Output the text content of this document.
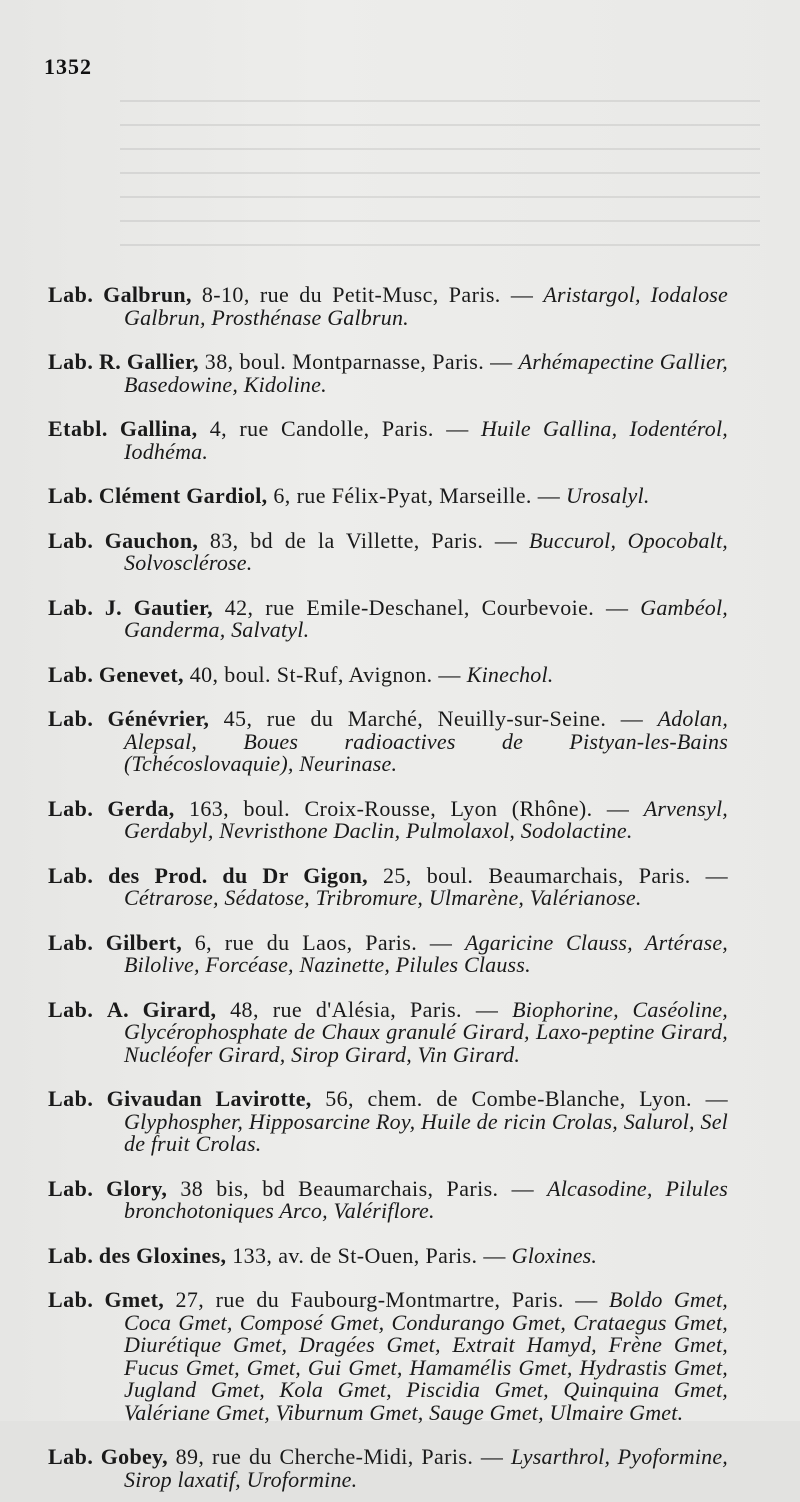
1352

Lab. Galbrun, 8-10, rue du Petit-Musc, Paris. — Aristargol, Iodalose Galbrun, Prosthénase Galbrun.

Lab. R. Gallier, 38, boul. Montparnasse, Paris. — Arhémapectine Gallier, Basedowine, Kidoline.

Etabl. Gallina, 4, rue Candolle, Paris. — Huile Gallina, Iodentérol, Iodhéma.

Lab. Clément Gardiol, 6, rue Félix-Pyat, Marseille. — Urosalyl.

Lab. Gauchon, 83, bd de la Villette, Paris. — Buccurol, Opocobalt, Solvosclérose.

Lab. J. Gautier, 42, rue Emile-Deschanel, Courbevoie. — Gambéol, Ganderma, Salvatyl.

Lab. Genevet, 40, boul. St-Ruf, Avignon. — Kinechol.

Lab. Génévrier, 45, rue du Marché, Neuilly-sur-Seine. — Adolan, Alepsal, Boues radioactives de Pistyan-les-Bains (Tchécoslovaquie), Neurinase.

Lab. Gerda, 163, boul. Croix-Rousse, Lyon (Rhône). — Arvensyl, Gerdabyl, Nevristhone Daclin, Pulmolaxol, Sodolactine.

Lab. des Prod. du Dr Gigon, 25, boul. Beaumarchais, Paris. — Cétrarose, Sédatose, Tribromure, Ulmarène, Valérianose.

Lab. Gilbert, 6, rue du Laos, Paris. — Agaricine Clauss, Artérase, Bilolive, Forcéase, Nazinette, Pilules Clauss.

Lab. A. Girard, 48, rue d'Alésia, Paris. — Biophorine, Caséoline, Glycérophosphate de Chaux granulé Girard, Laxo-peptine Girard, Nucléofer Girard, Sirop Girard, Vin Girard.

Lab. Givaudan Lavirotte, 56, chem. de Combe-Blanche, Lyon. — Glyphospher, Hipposarcine Roy, Huile de ricin Crolas, Salurol, Sel de fruit Crolas.

Lab. Glory, 38 bis, bd Beaumarchais, Paris. — Alcasodine, Pilules bronchotoniques Arco, Valériflore.

Lab. des Gloxines, 133, av. de St-Ouen, Paris. — Gloxines.

Lab. Gmet, 27, rue du Faubourg-Montmartre, Paris. — Boldo Gmet, Coca Gmet, Composé Gmet, Condurango Gmet, Crataegus Gmet, Diurétique Gmet, Dragées Gmet, Extrait Hamyd, Frène Gmet, Fucus Gmet, Gmet, Gui Gmet, Hamamélis Gmet, Hydrastis Gmet, Jugland Gmet, Kola Gmet, Piscidia Gmet, Quinquina Gmet, Valériane Gmet, Viburnum Gmet, Sauge Gmet, Ulmaire Gmet.

Lab. Gobey, 89, rue du Cherche-Midi, Paris. — Lysarthrol, Pyoformine, Sirop laxatif, Uroformine.
